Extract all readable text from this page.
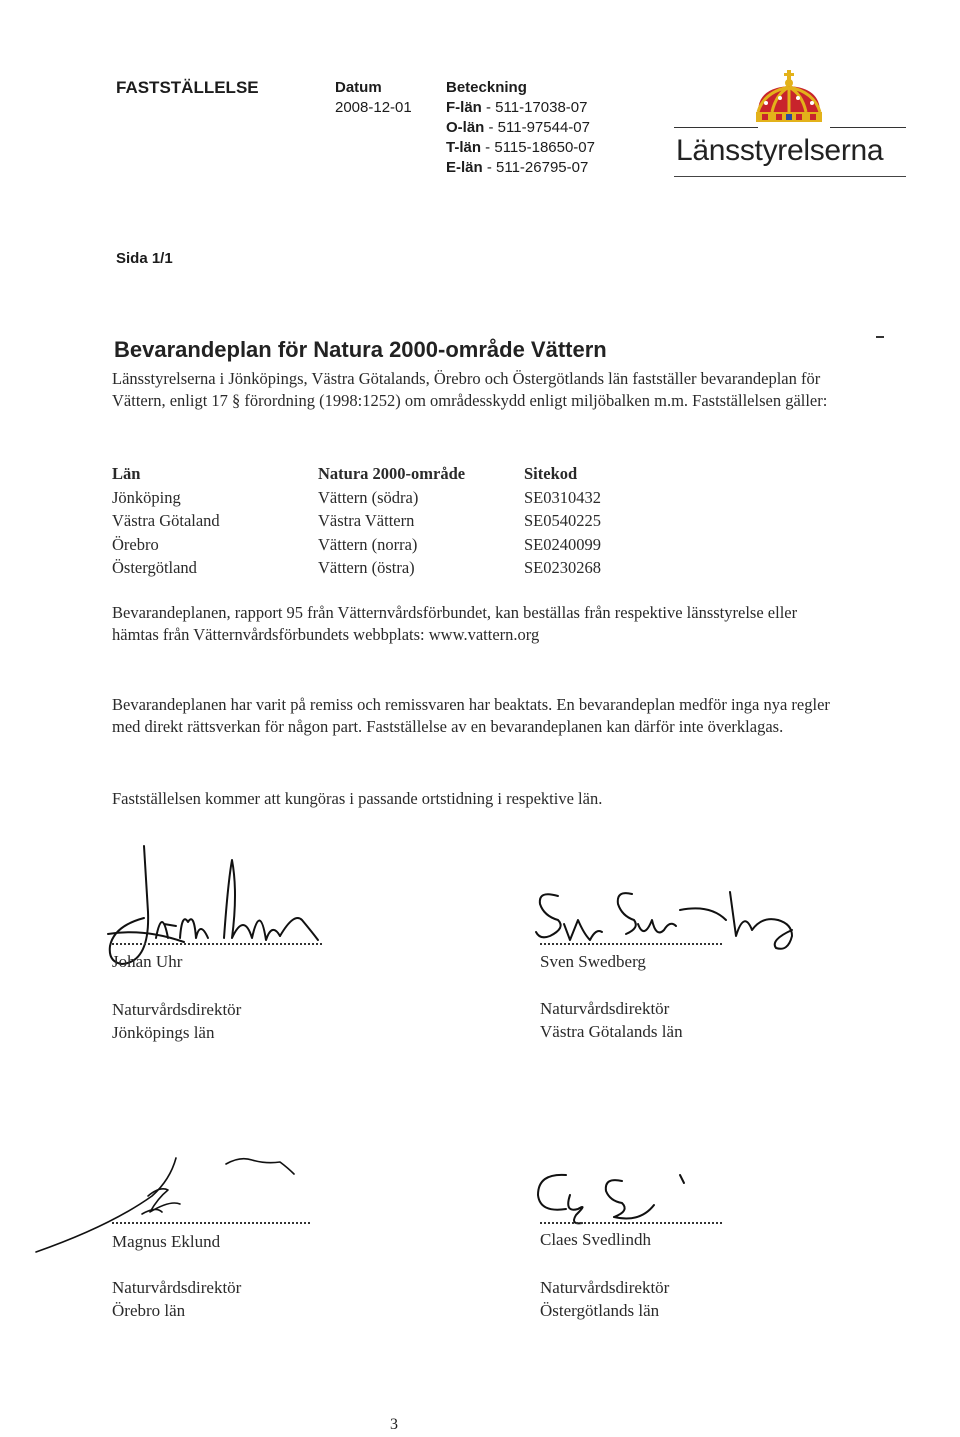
FASTSTÄLLELSE	Datum
2008-12-01
Beteckning
F-län - 511-17038-07
O-län - 511-97544-07
T-län - 5115-18650-07
E-län - 511-26795-07
Länsstyrelserna
Sida 1/1
Bevarandeplan för Natura 2000-område Vättern
Länsstyrelserna i Jönköpings, Västra Götalands, Örebro och Östergötlands län fastställer bevarandeplan för Vättern, enligt 17 § förordning (1998:1252) om områdesskydd enligt miljöbalken m.m. Fastställelsen gäller:
Län	Natura 2000-område	Sitekod
Jönköping	Vättern (södra)	SE0310432
Västra Götaland	Västra Vättern	SE0540225
Örebro	Vättern (norra)	SE0240099
Östergötland	Vättern (östra)	SE0230268
Bevarandeplanen, rapport 95 från Vätternvårdsförbundet, kan beställas från respektive länsstyrelse eller hämtas från Vätternvårdsförbundets webbplats: www.vattern.org
Bevarandeplanen har varit på remiss och remissvaren har beaktats. En bevarandeplan medför inga nya regler med direkt rättsverkan för någon part. Fastställelse av en bevarandeplanen kan därför inte överklagas.
Fastställelsen kommer att kungöras i passande ortstidning i respektive län.
Johan Uhr
Naturvårdsdirektör
Jönköpings län
Sven Swedberg
Naturvårdsdirektör
Västra Götalands län
Magnus Eklund
Naturvårdsdirektör
Örebro län
Claes Svedlindh
Naturvårdsdirektör
Östergötlands län
3
